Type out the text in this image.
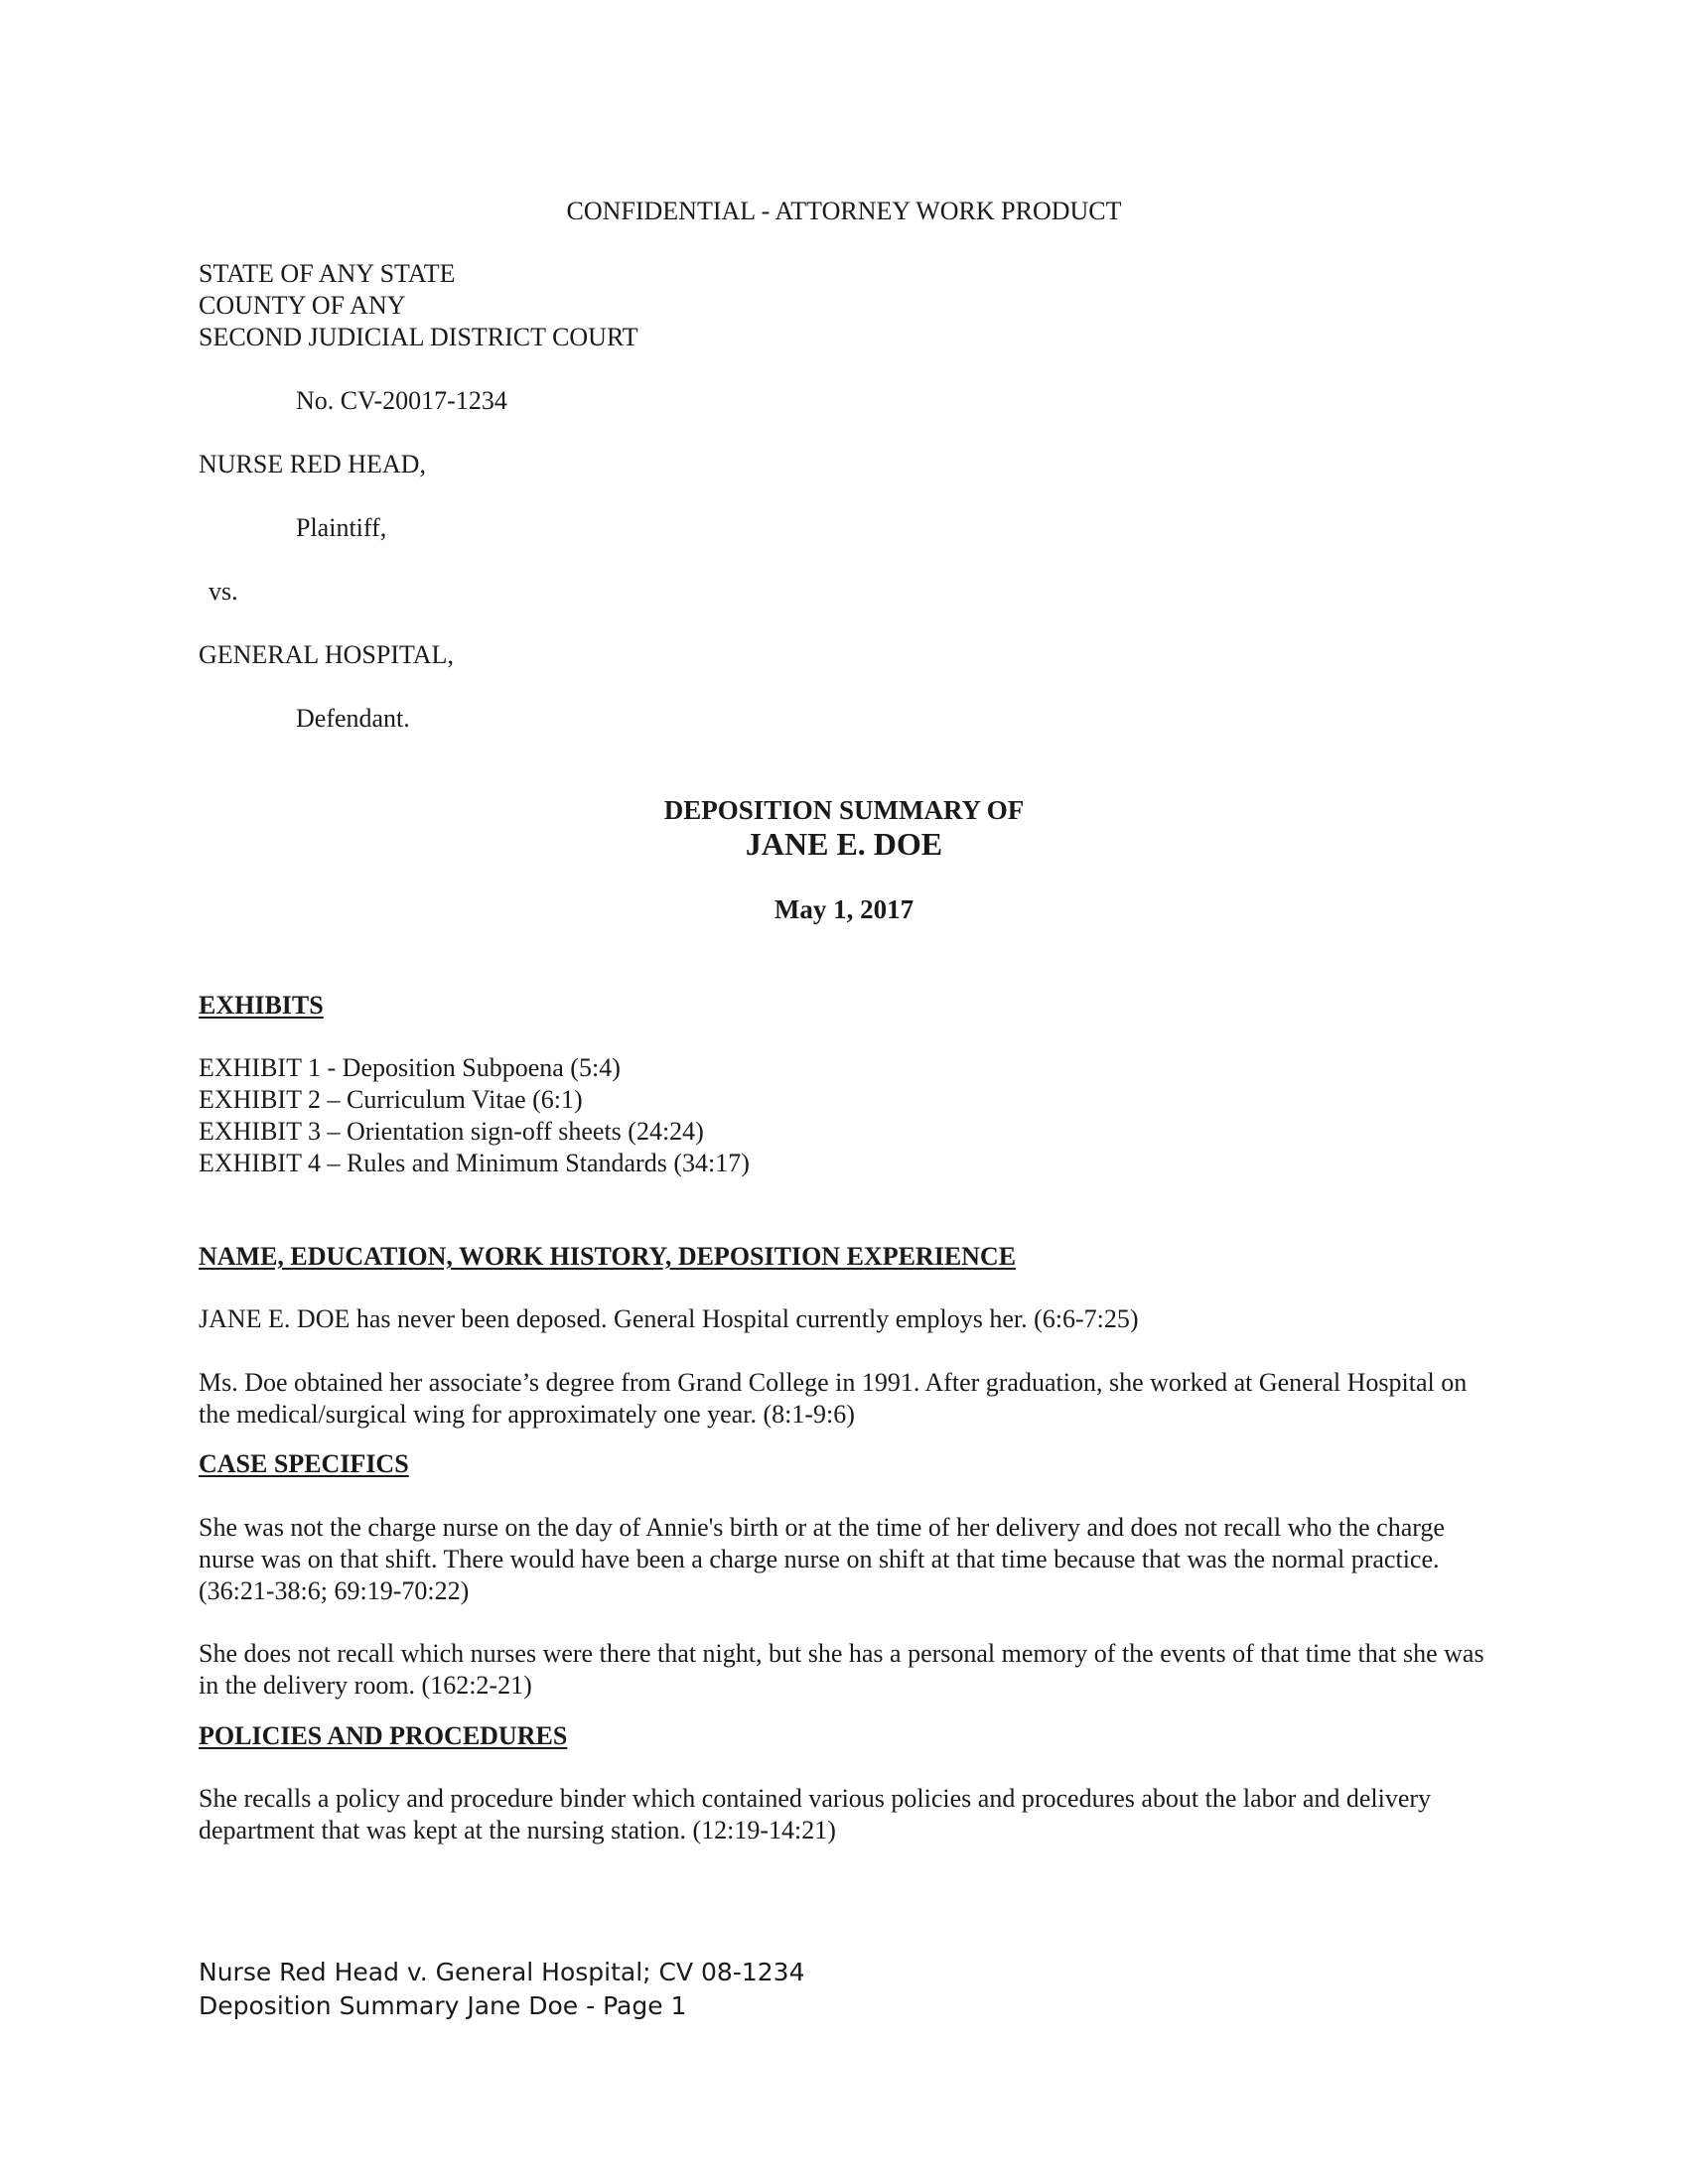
CONFIDENTIAL - ATTORNEY WORK PRODUCT
STATE OF ANY STATE
COUNTY OF ANY
SECOND JUDICIAL DISTRICT COURT
No. CV-20017-1234
NURSE RED HEAD,
Plaintiff,
vs.
GENERAL HOSPITAL,
Defendant.
DEPOSITION SUMMARY OF
JANE E. DOE
May 1, 2017
EXHIBITS
EXHIBIT 1 - Deposition Subpoena (5:4)
EXHIBIT 2 – Curriculum Vitae (6:1)
EXHIBIT 3 – Orientation sign-off sheets (24:24)
EXHIBIT 4 – Rules and Minimum Standards (34:17)
NAME, EDUCATION, WORK HISTORY, DEPOSITION EXPERIENCE
JANE E. DOE has never been deposed. General Hospital currently employs her. (6:6-7:25)
Ms. Doe obtained her associate’s degree from Grand College in 1991. After graduation, she worked at General Hospital on the medical/surgical wing for approximately one year. (8:1-9:6)
CASE SPECIFICS
She was not the charge nurse on the day of Annie's birth or at the time of her delivery and does not recall who the charge nurse was on that shift. There would have been a charge nurse on shift at that time because that was the normal practice. (36:21-38:6; 69:19-70:22)
She does not recall which nurses were there that night, but she has a personal memory of the events of that time that she was in the delivery room. (162:2-21)
POLICIES AND PROCEDURES
She recalls a policy and procedure binder which contained various policies and procedures about the labor and delivery department that was kept at the nursing station. (12:19-14:21)
Nurse Red Head v. General Hospital; CV 08-1234
Deposition Summary Jane Doe - Page 1
